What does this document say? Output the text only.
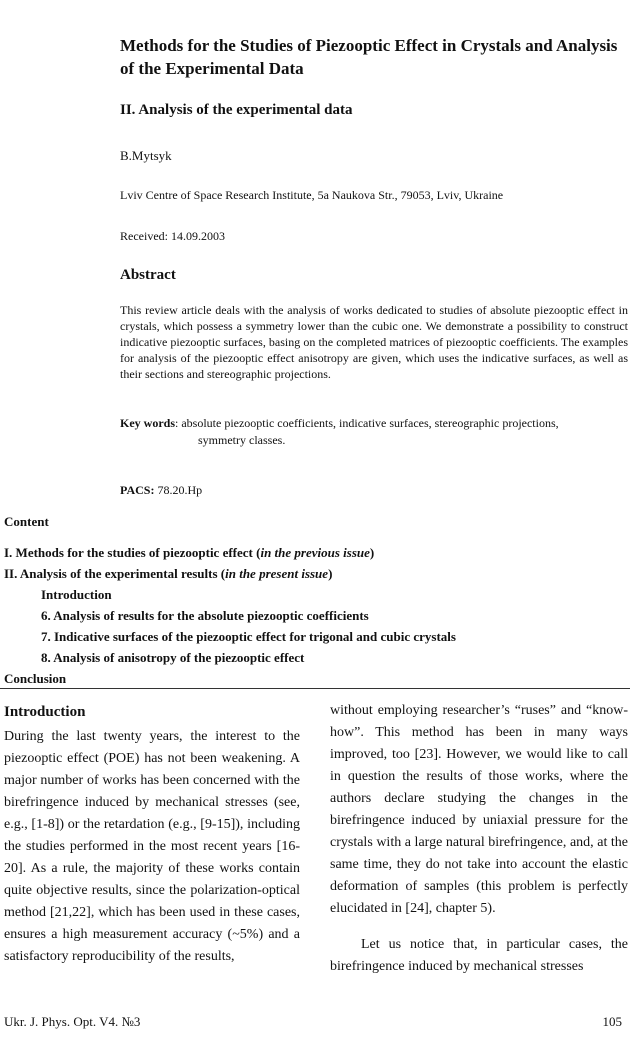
Methods for the Studies of Piezooptic Effect in Crystals and Analysis of the Experimental Data
II. Analysis of the experimental data
B.Mytsyk
Lviv Centre of Space Research Institute, 5a Naukova Str., 79053, Lviv, Ukraine
Received: 14.09.2003
Abstract
This review article deals with the analysis of works dedicated to studies of absolute piezooptic effect in crystals, which possess a symmetry lower than the cubic one. We demonstrate a possibility to construct indicative piezooptic surfaces, basing on the completed matrices of piezooptic coefficients. The examples for analysis of the piezooptic effect anisotropy are given, which uses the indicative surfaces, as well as their sections and stereographic projections.
Key words: absolute piezooptic coefficients, indicative surfaces, stereographic projections,
symmetry classes.
PACS: 78.20.Hp
Content
I. Methods for the studies of piezooptic effect (in the previous issue)
II. Analysis of the experimental results (in the present issue)
Introduction
6. Analysis of results for the absolute piezooptic coefficients
7. Indicative surfaces of the piezooptic effect for trigonal and cubic crystals
8. Analysis of anisotropy of the piezooptic effect
Conclusion
Introduction

During the last twenty years, the interest to the piezooptic effect (POE) has not been weakening. A major number of works has been concerned with the birefringence induced by mechanical stresses (see, e.g., [1-8]) or the retardation (e.g., [9-15]), including the studies performed in the most recent years [16-20]. As a rule, the majority of these works contain quite objective results, since the polarization-optical method [21,22], which has been used in these cases, ensures a high measurement accuracy (~5%) and a satisfactory reproducibility of the results,

without employing researcher’s “ruses” and “know-how”. This method has been in many ways improved, too [23]. However, we would like to call in question the results of those works, where the authors declare studying the changes in the birefringence induced by uniaxial pressure for the crystals with a large natural birefringence, and, at the same time, they do not take into account the elastic deformation of samples (this problem is perfectly elucidated in [24], chapter 5).

Let us notice that, in particular cases, the birefringence induced by mechanical stresses

Ukr. J. Phys. Opt. V4. №3	105
